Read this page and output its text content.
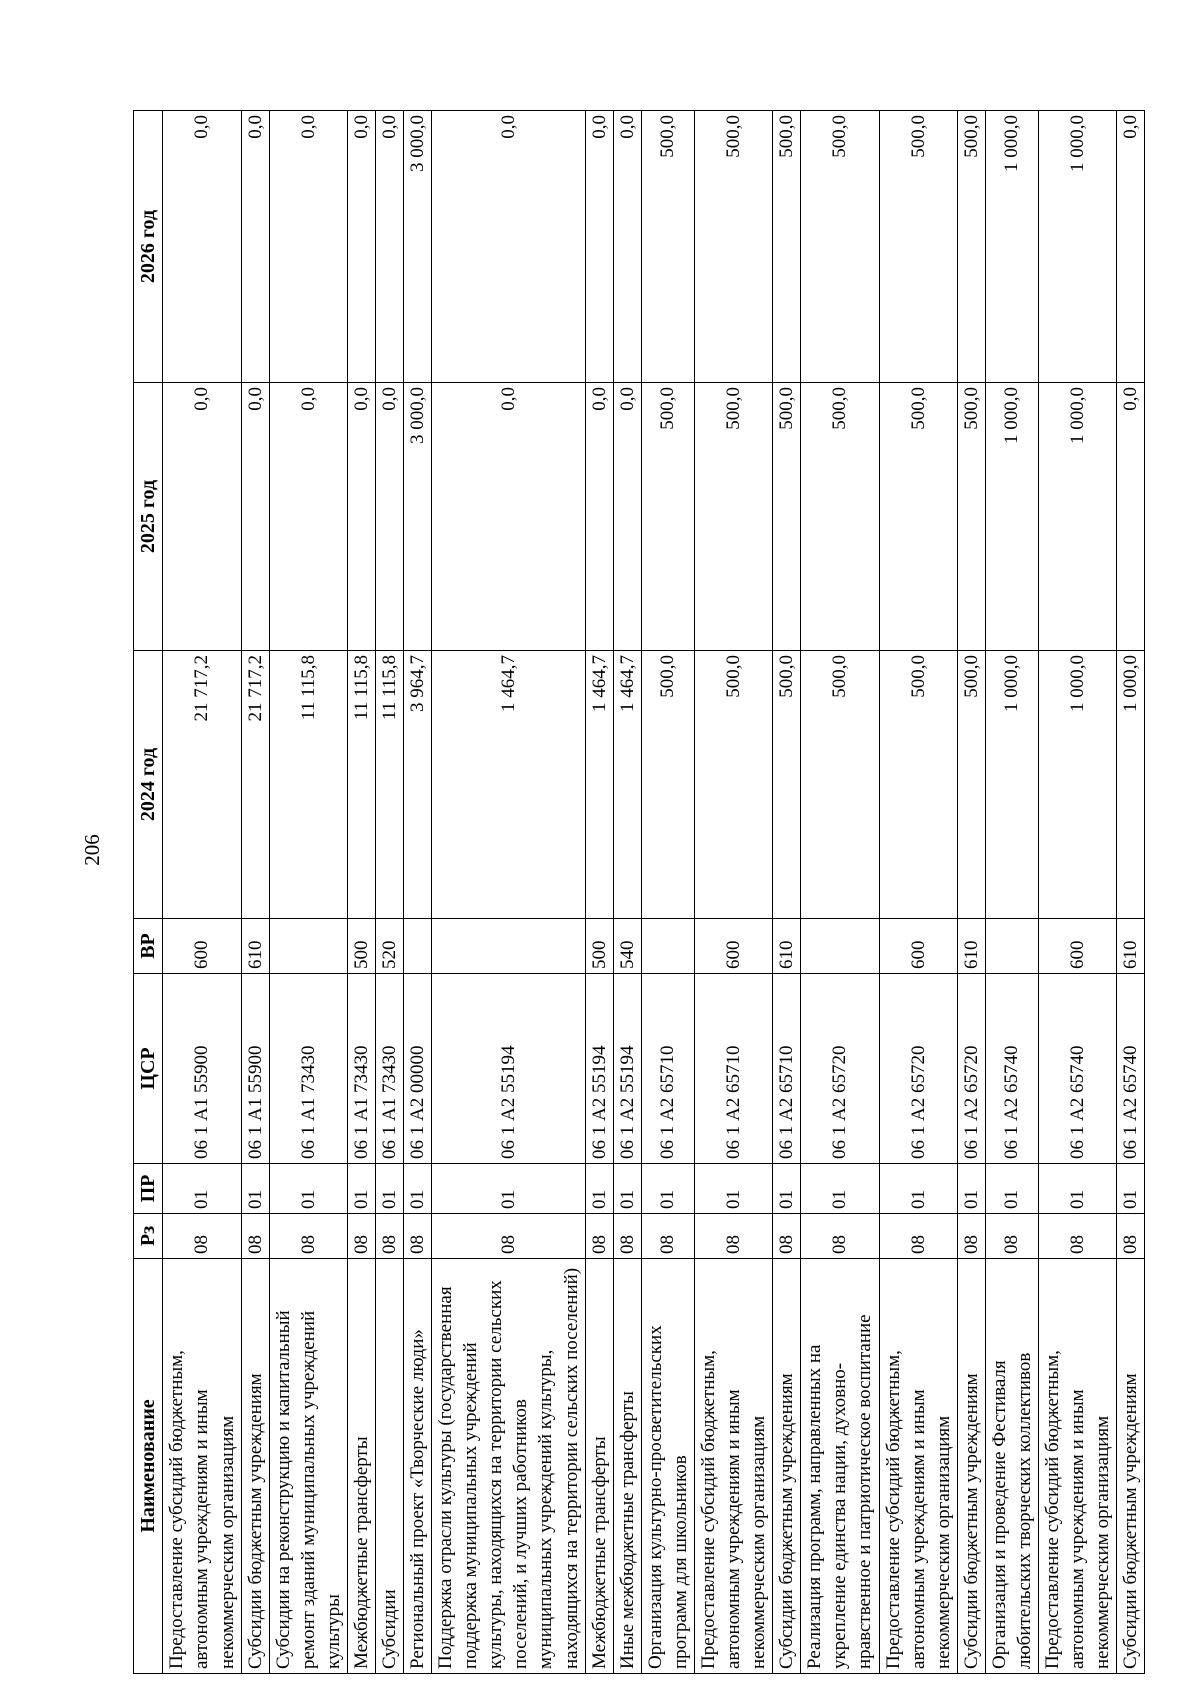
206
Наименование	Рз	ПР	ЦСР	ВР	2024 год	2025 год	2026 год
Предоставление субсидий бюджетным, автономным учреждениям и иным некоммерческим организациям	08	01	06 1 А1 55900	600	21 717,2	0,0	0,0
Субсидии бюджетным учреждениям	08	01	06 1 А1 55900	610	21 717,2	0,0	0,0
Субсидии на реконструкцию и капитальный ремонт зданий муниципальных учреждений культуры	08	01	06 1 А1 73430		11 115,8	0,0	0,0
Межбюджетные трансферты	08	01	06 1 А1 73430	500	11 115,8	0,0	0,0
Субсидии	08	01	06 1 А1 73430	520	11 115,8	0,0	0,0
Региональный проект «Творческие люди»	08	01	06 1 А2 00000		3 964,7	3 000,0	3 000,0
Поддержка отрасли культуры (государственная поддержка муниципальных учреждений культуры, находящихся на территории сельских поселений, и лучших работников муниципальных учреждений культуры, находящихся на территории сельских поселений)	08	01	06 1 А2 55194		1 464,7	0,0	0,0
Межбюджетные трансферты	08	01	06 1 А2 55194	500	1 464,7	0,0	0,0
Иные межбюджетные трансферты	08	01	06 1 А2 55194	540	1 464,7	0,0	0,0
Организация культурно-просветительских программ для школьников	08	01	06 1 А2 65710		500,0	500,0	500,0
Предоставление субсидий бюджетным, автономным учреждениям и иным некоммерческим организациям	08	01	06 1 А2 65710	600	500,0	500,0	500,0
Субсидии бюджетным учреждениям	08	01	06 1 А2 65710	610	500,0	500,0	500,0
Реализация программ, направленных на укрепление единства нации, духовно-нравственное и патриотическое воспитание	08	01	06 1 А2 65720		500,0	500,0	500,0
Предоставление субсидий бюджетным, автономным учреждениям и иным некоммерческим организациям	08	01	06 1 А2 65720	600	500,0	500,0	500,0
Субсидии бюджетным учреждениям	08	01	06 1 А2 65720	610	500,0	500,0	500,0
Организация и проведение Фестиваля любительских творческих коллективов	08	01	06 1 А2 65740		1 000,0	1 000,0	1 000,0
Предоставление субсидий бюджетным, автономным учреждениям и иным некоммерческим организациям	08	01	06 1 А2 65740	600	1 000,0	1 000,0	1 000,0
Субсидии бюджетным учреждениям	08	01	06 1 А2 65740	610	1 000,0	0,0	0,0
